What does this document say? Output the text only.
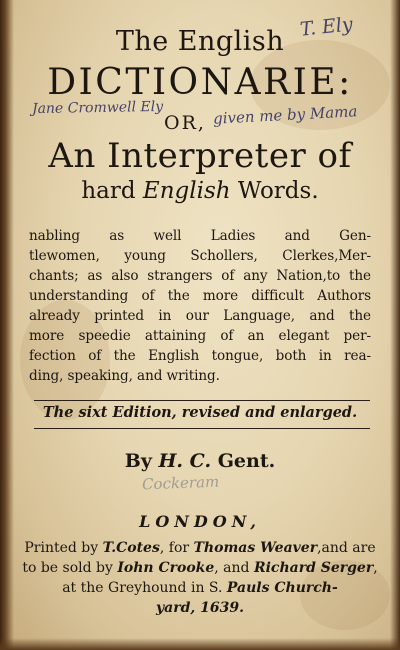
T. Ely
The English
DICTIONARIE:
Jane Cromwell Ely
OR, given me by Mama
An Interpreter of
hard English Words.
nabling as well Ladies and Gen-
tlewomen, young Schollers, Clerkes,Mer-
chants; as also strangers of any Nation,to the
understanding of the more difficult Authors
already printed in our Language, and the
more speedie attaining of an elegant per-
fection of the English tongue, both in rea-
ding, speaking, and writing.
The sixt Edition, revised and enlarged.
By H. C. Gent.
Cockeram
LONDON,
Printed by T.Cotes, for Thomas Weaver,and are
to be sold by Iohn Crooke, and Richard Serger,
at the Greyhound in S. Pauls Church-
yard, 1639.
